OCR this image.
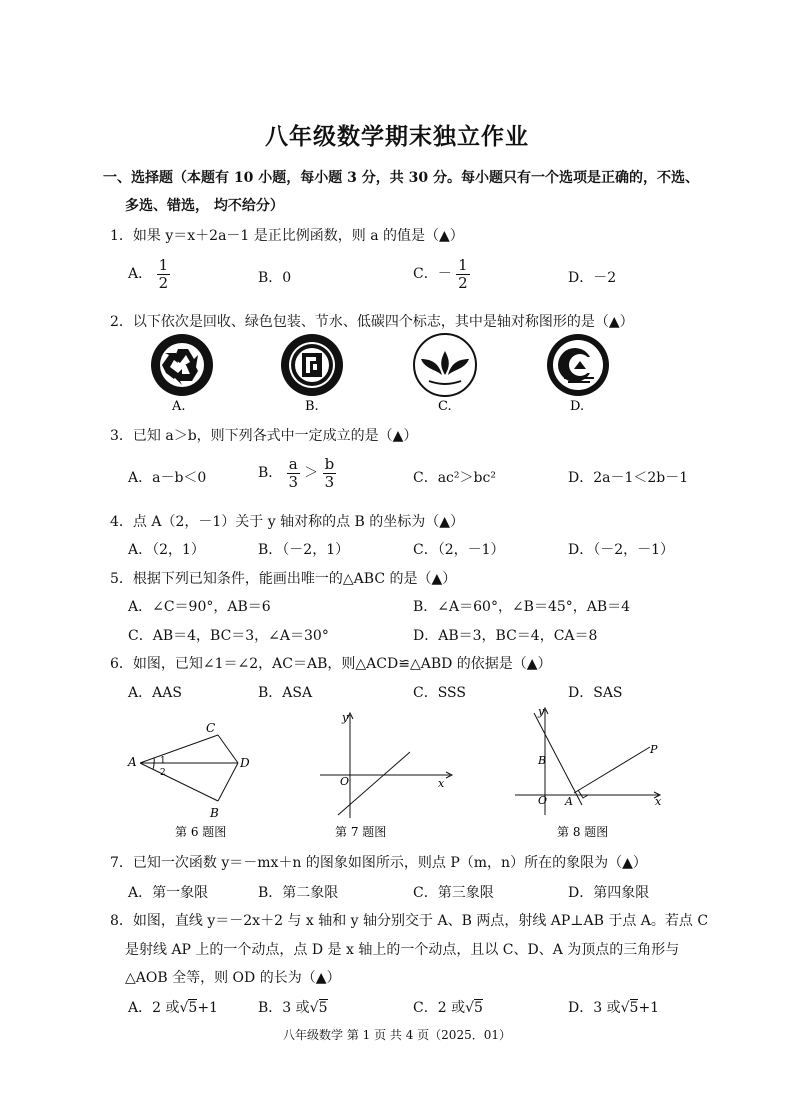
八年级数学期末独立作业
一、选择题（本题有 10 小题，每小题 3 分，共 30 分。每小题只有一个选项是正确的，不选、
多选、错选， 均不给分）
1．如果 y＝x＋2a－1 是正比例函数，则 a 的值是（▲）
A． $\frac{1}{2}$	B．0	C．－ $\frac{1}{2}$	D．－2
2．以下依次是回收、绿色包装、节水、低碳四个标志，其中是轴对称图形的是（▲）
A.	B.	C.	D.
3．已知 a＞b，则下列各式中一定成立的是（▲）
A．a－b＜0	B． $\frac{a}{3} > \frac{b}{3}$	C．ac²＞bc²	D．2a－1＜2b－1
4．点 A（2，－1）关于 y 轴对称的点 B 的坐标为（▲）
A．（2，1）	B．（－2，1）	C．（2，－1）	D．（－2，－1）
5．根据下列已知条件，能画出唯一的△ABC 的是（▲）
A．∠C＝90°，AB＝6	B．∠A＝60°，∠B＝45°，AB＝4
C．AB＝4，BC＝3，∠A＝30°	D．AB＝3，BC＝4，CA＝8
6．如图，已知∠1＝∠2，AC＝AB，则△ACD≌△ABD 的依据是（▲）
A．AAS	B．ASA	C．SSS	D．SAS
A
C
D
B
1
2
第 6 题图
y
x
O
第 7 题图
y
x
O A
B
P
第 8 题图
7．已知一次函数 y＝－mx＋n 的图象如图所示，则点 P（m，n）所在的象限为（▲）
A．第一象限	B．第二象限	C．第三象限	D．第四象限
8．如图，直线 y＝－2x＋2 与 x 轴和 y 轴分别交于 A、B 两点，射线 AP⊥AB 于点 A。若点 C
是射线 AP 上的一个动点，点 D 是 x 轴上的一个动点，且以 C、D、A 为顶点的三角形与
△AOB 全等，则 OD 的长为（▲）
A．2 或√5+1	B．3 或√5	C．2 或√5	D．3 或√5+1
八年级数学 第 1 页 共 4 页（2025．01）
